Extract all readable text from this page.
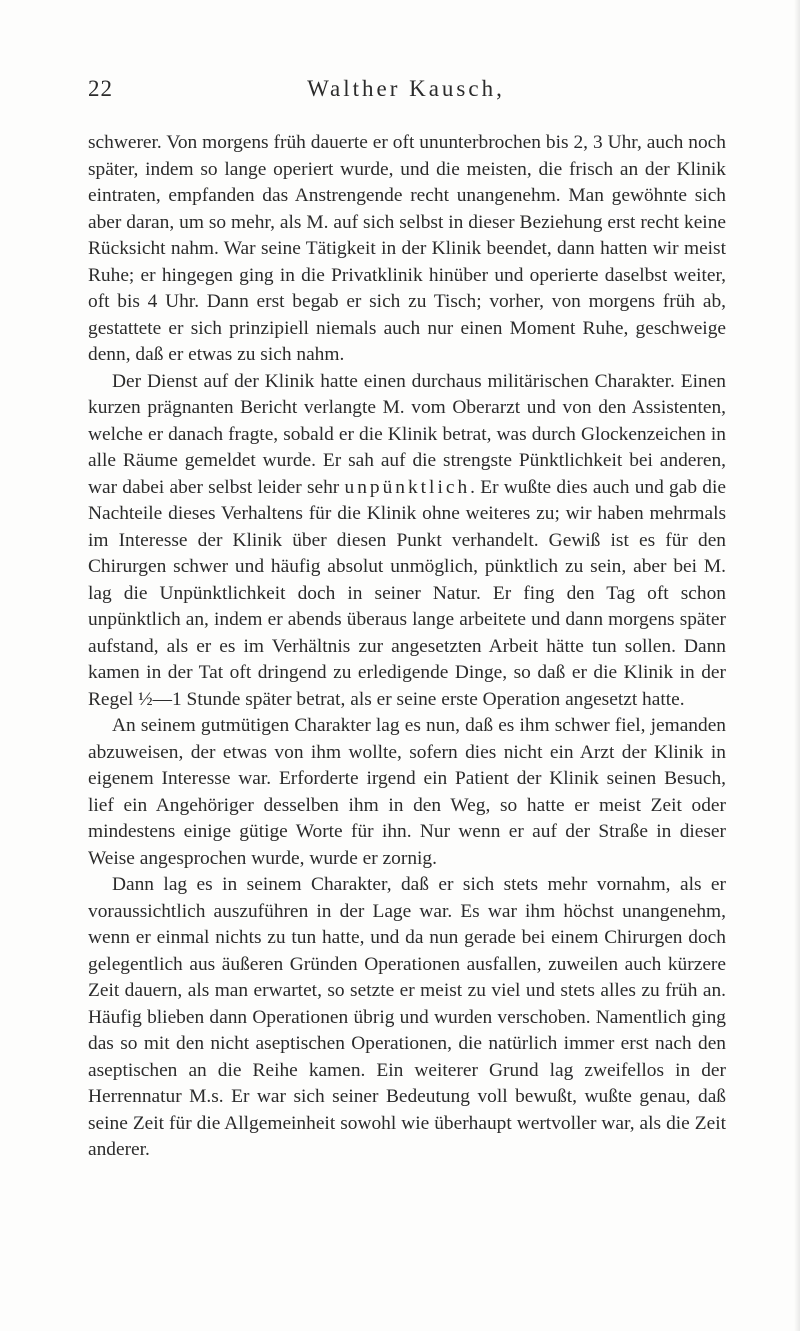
22	Walther Kausch,

schwerer. Von morgens früh dauerte er oft ununterbrochen bis 2, 3 Uhr, auch noch später, indem so lange operiert wurde, und die meisten, die frisch an der Klinik eintraten, empfanden das Anstrengende recht unangenehm. Man gewöhnte sich aber daran, um so mehr, als M. auf sich selbst in dieser Beziehung erst recht keine Rücksicht nahm. War seine Tätigkeit in der Klinik beendet, dann hatten wir meist Ruhe; er hingegen ging in die Privatklinik hinüber und operierte daselbst weiter, oft bis 4 Uhr. Dann erst begab er sich zu Tisch; vorher, von morgens früh ab, gestattete er sich prinzipiell niemals auch nur einen Moment Ruhe, geschweige denn, daß er etwas zu sich nahm.

Der Dienst auf der Klinik hatte einen durchaus militärischen Charakter. Einen kurzen prägnanten Bericht verlangte M. vom Oberarzt und von den Assistenten, welche er danach fragte, sobald er die Klinik betrat, was durch Glockenzeichen in alle Räume gemeldet wurde. Er sah auf die strengste Pünktlichkeit bei anderen, war dabei aber selbst leider sehr unpünktlich. Er wußte dies auch und gab die Nachteile dieses Verhaltens für die Klinik ohne weiteres zu; wir haben mehrmals im Interesse der Klinik über diesen Punkt verhandelt. Gewiß ist es für den Chirurgen schwer und häufig absolut unmöglich, pünktlich zu sein, aber bei M. lag die Unpünktlichkeit doch in seiner Natur. Er fing den Tag oft schon unpünktlich an, indem er abends überaus lange arbeitete und dann morgens später aufstand, als er es im Verhältnis zur angesetzten Arbeit hätte tun sollen. Dann kamen in der Tat oft dringend zu erledigende Dinge, so daß er die Klinik in der Regel ½—1 Stunde später betrat, als er seine erste Operation angesetzt hatte.

An seinem gutmütigen Charakter lag es nun, daß es ihm schwer fiel, jemanden abzuweisen, der etwas von ihm wollte, sofern dies nicht ein Arzt der Klinik in eigenem Interesse war. Erforderte irgend ein Patient der Klinik seinen Besuch, lief ein Angehöriger desselben ihm in den Weg, so hatte er meist Zeit oder mindestens einige gütige Worte für ihn. Nur wenn er auf der Straße in dieser Weise angesprochen wurde, wurde er zornig.

Dann lag es in seinem Charakter, daß er sich stets mehr vornahm, als er voraussichtlich auszuführen in der Lage war. Es war ihm höchst unangenehm, wenn er einmal nichts zu tun hatte, und da nun gerade bei einem Chirurgen doch gelegentlich aus äußeren Gründen Operationen ausfallen, zuweilen auch kürzere Zeit dauern, als man erwartet, so setzte er meist zu viel und stets alles zu früh an. Häufig blieben dann Operationen übrig und wurden verschoben. Namentlich ging das so mit den nicht aseptischen Operationen, die natürlich immer erst nach den aseptischen an die Reihe kamen. Ein weiterer Grund lag zweifellos in der Herrennatur M.s. Er war sich seiner Bedeutung voll bewußt, wußte genau, daß seine Zeit für die Allgemeinheit sowohl wie überhaupt wertvoller war, als die Zeit anderer.
